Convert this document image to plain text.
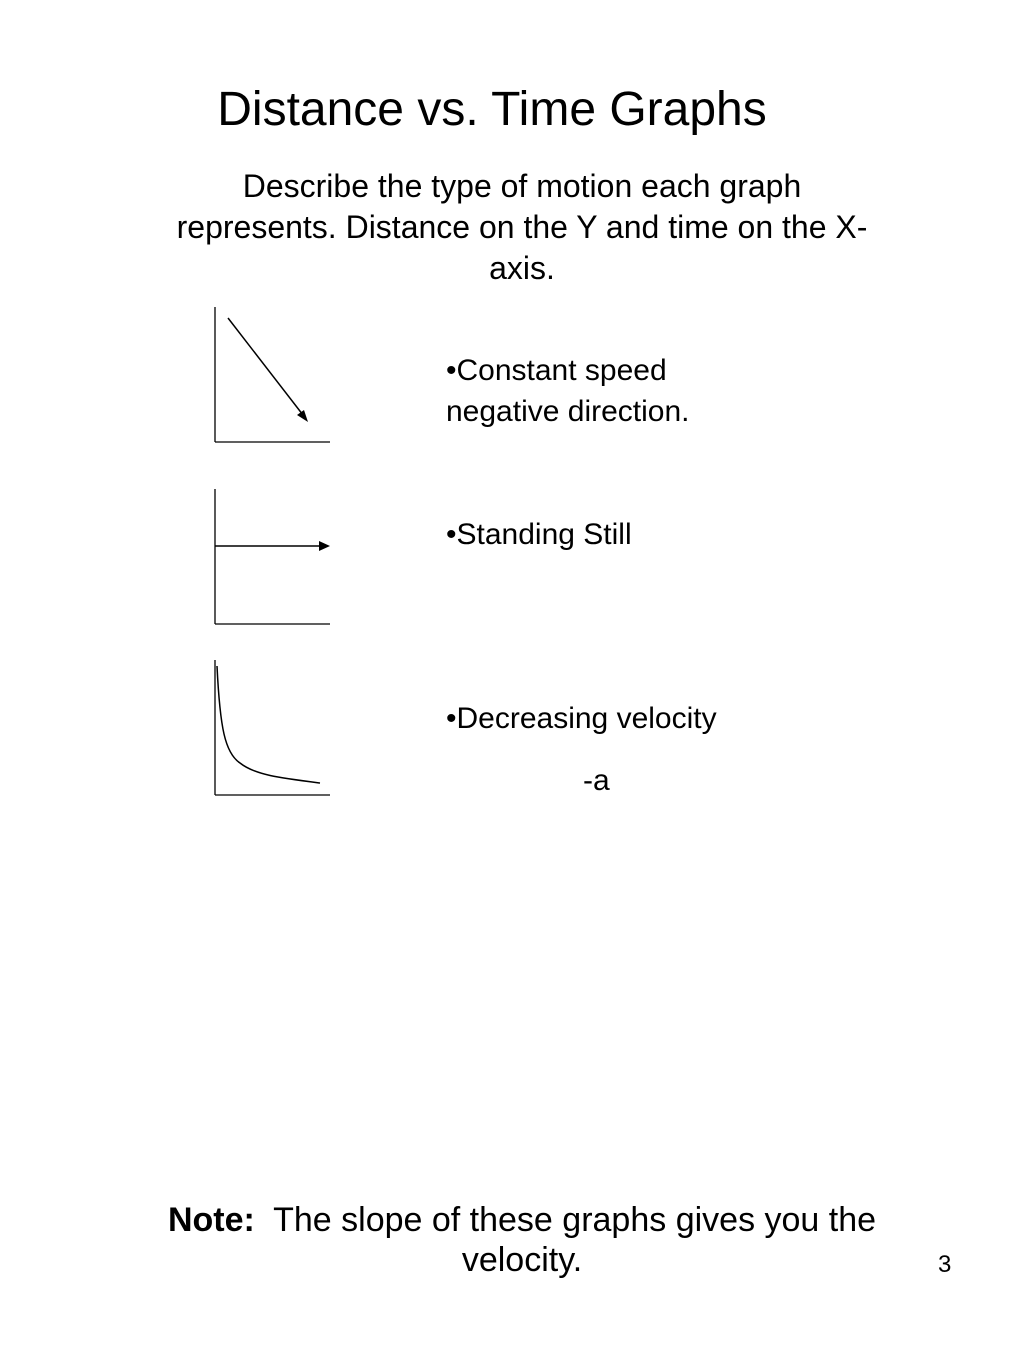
Distance vs. Time Graphs

Describe the type of motion each graph represents. Distance on the Y and time on the X-axis.

•Constant speed
negative direction.
•Standing Still
•Decreasing velocity
-a

Note: The slope of these graphs gives you the velocity.	3
